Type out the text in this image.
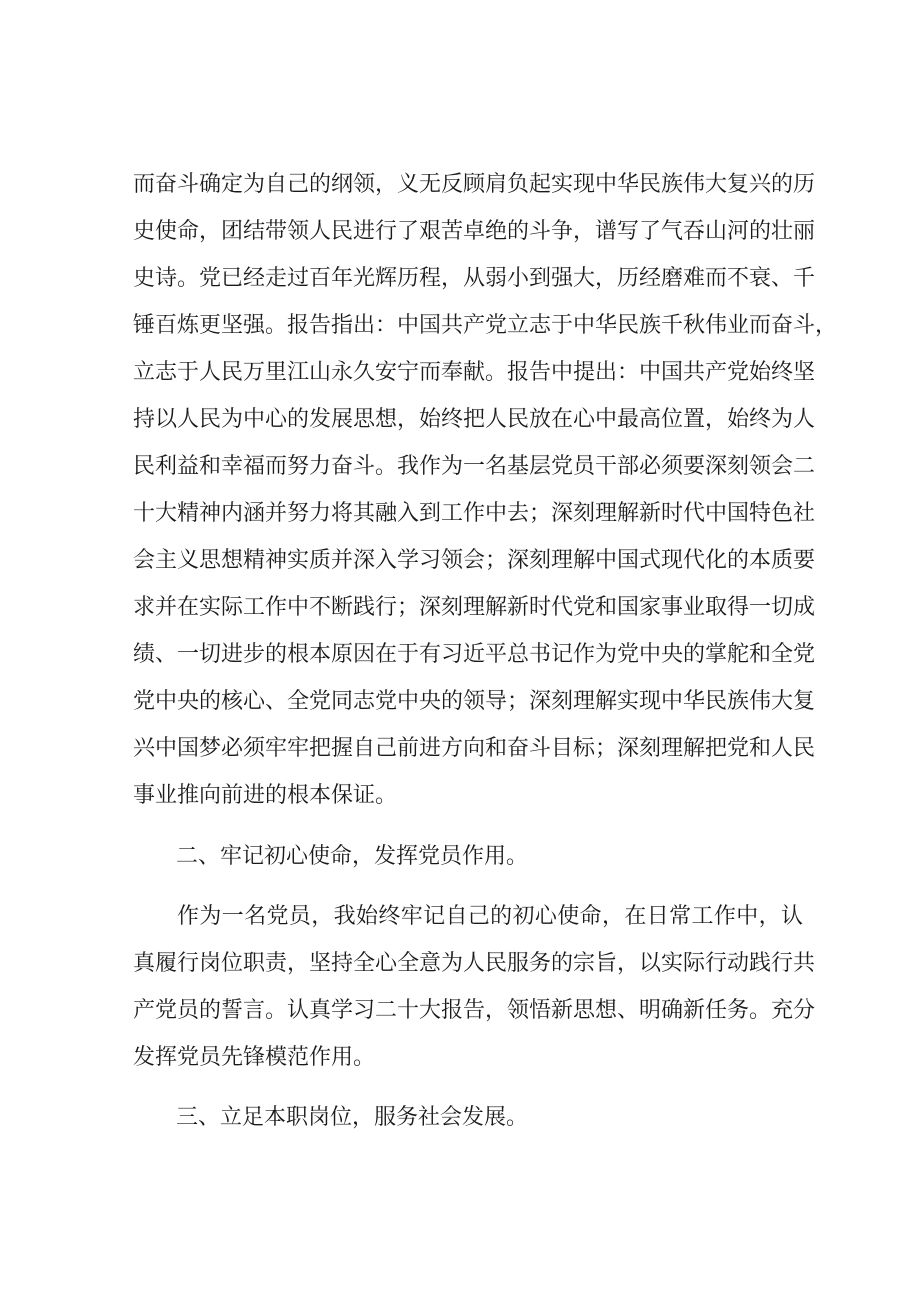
而奋斗确定为自己的纲领，义无反顾肩负起实现中华民族伟大复兴的历
史使命，团结带领人民进行了艰苦卓绝的斗争，谱写了气吞山河的壮丽
史诗。党已经走过百年光辉历程，从弱小到强大，历经磨难而不衰、千
锤百炼更坚强。报告指出：中国共产党立志于中华民族千秋伟业而奋斗，
立志于人民万里江山永久安宁而奉献。报告中提出：中国共产党始终坚
持以人民为中心的发展思想，始终把人民放在心中最高位置，始终为人
民利益和幸福而努力奋斗。我作为一名基层党员干部必须要深刻领会二
十大精神内涵并努力将其融入到工作中去；深刻理解新时代中国特色社
会主义思想精神实质并深入学习领会；深刻理解中国式现代化的本质要
求并在实际工作中不断践行；深刻理解新时代党和国家事业取得一切成
绩、一切进步的根本原因在于有习近平总书记作为党中央的掌舵和全党
党中央的核心、全党同志党中央的领导；深刻理解实现中华民族伟大复
兴中国梦必须牢牢把握自己前进方向和奋斗目标；深刻理解把党和人民
事业推向前进的根本保证。
二、牢记初心使命，发挥党员作用。
作为一名党员，我始终牢记自己的初心使命，在日常工作中，认
真履行岗位职责，坚持全心全意为人民服务的宗旨，以实际行动践行共
产党员的誓言。认真学习二十大报告，领悟新思想、明确新任务。充分
发挥党员先锋模范作用。
三、立足本职岗位，服务社会发展。
